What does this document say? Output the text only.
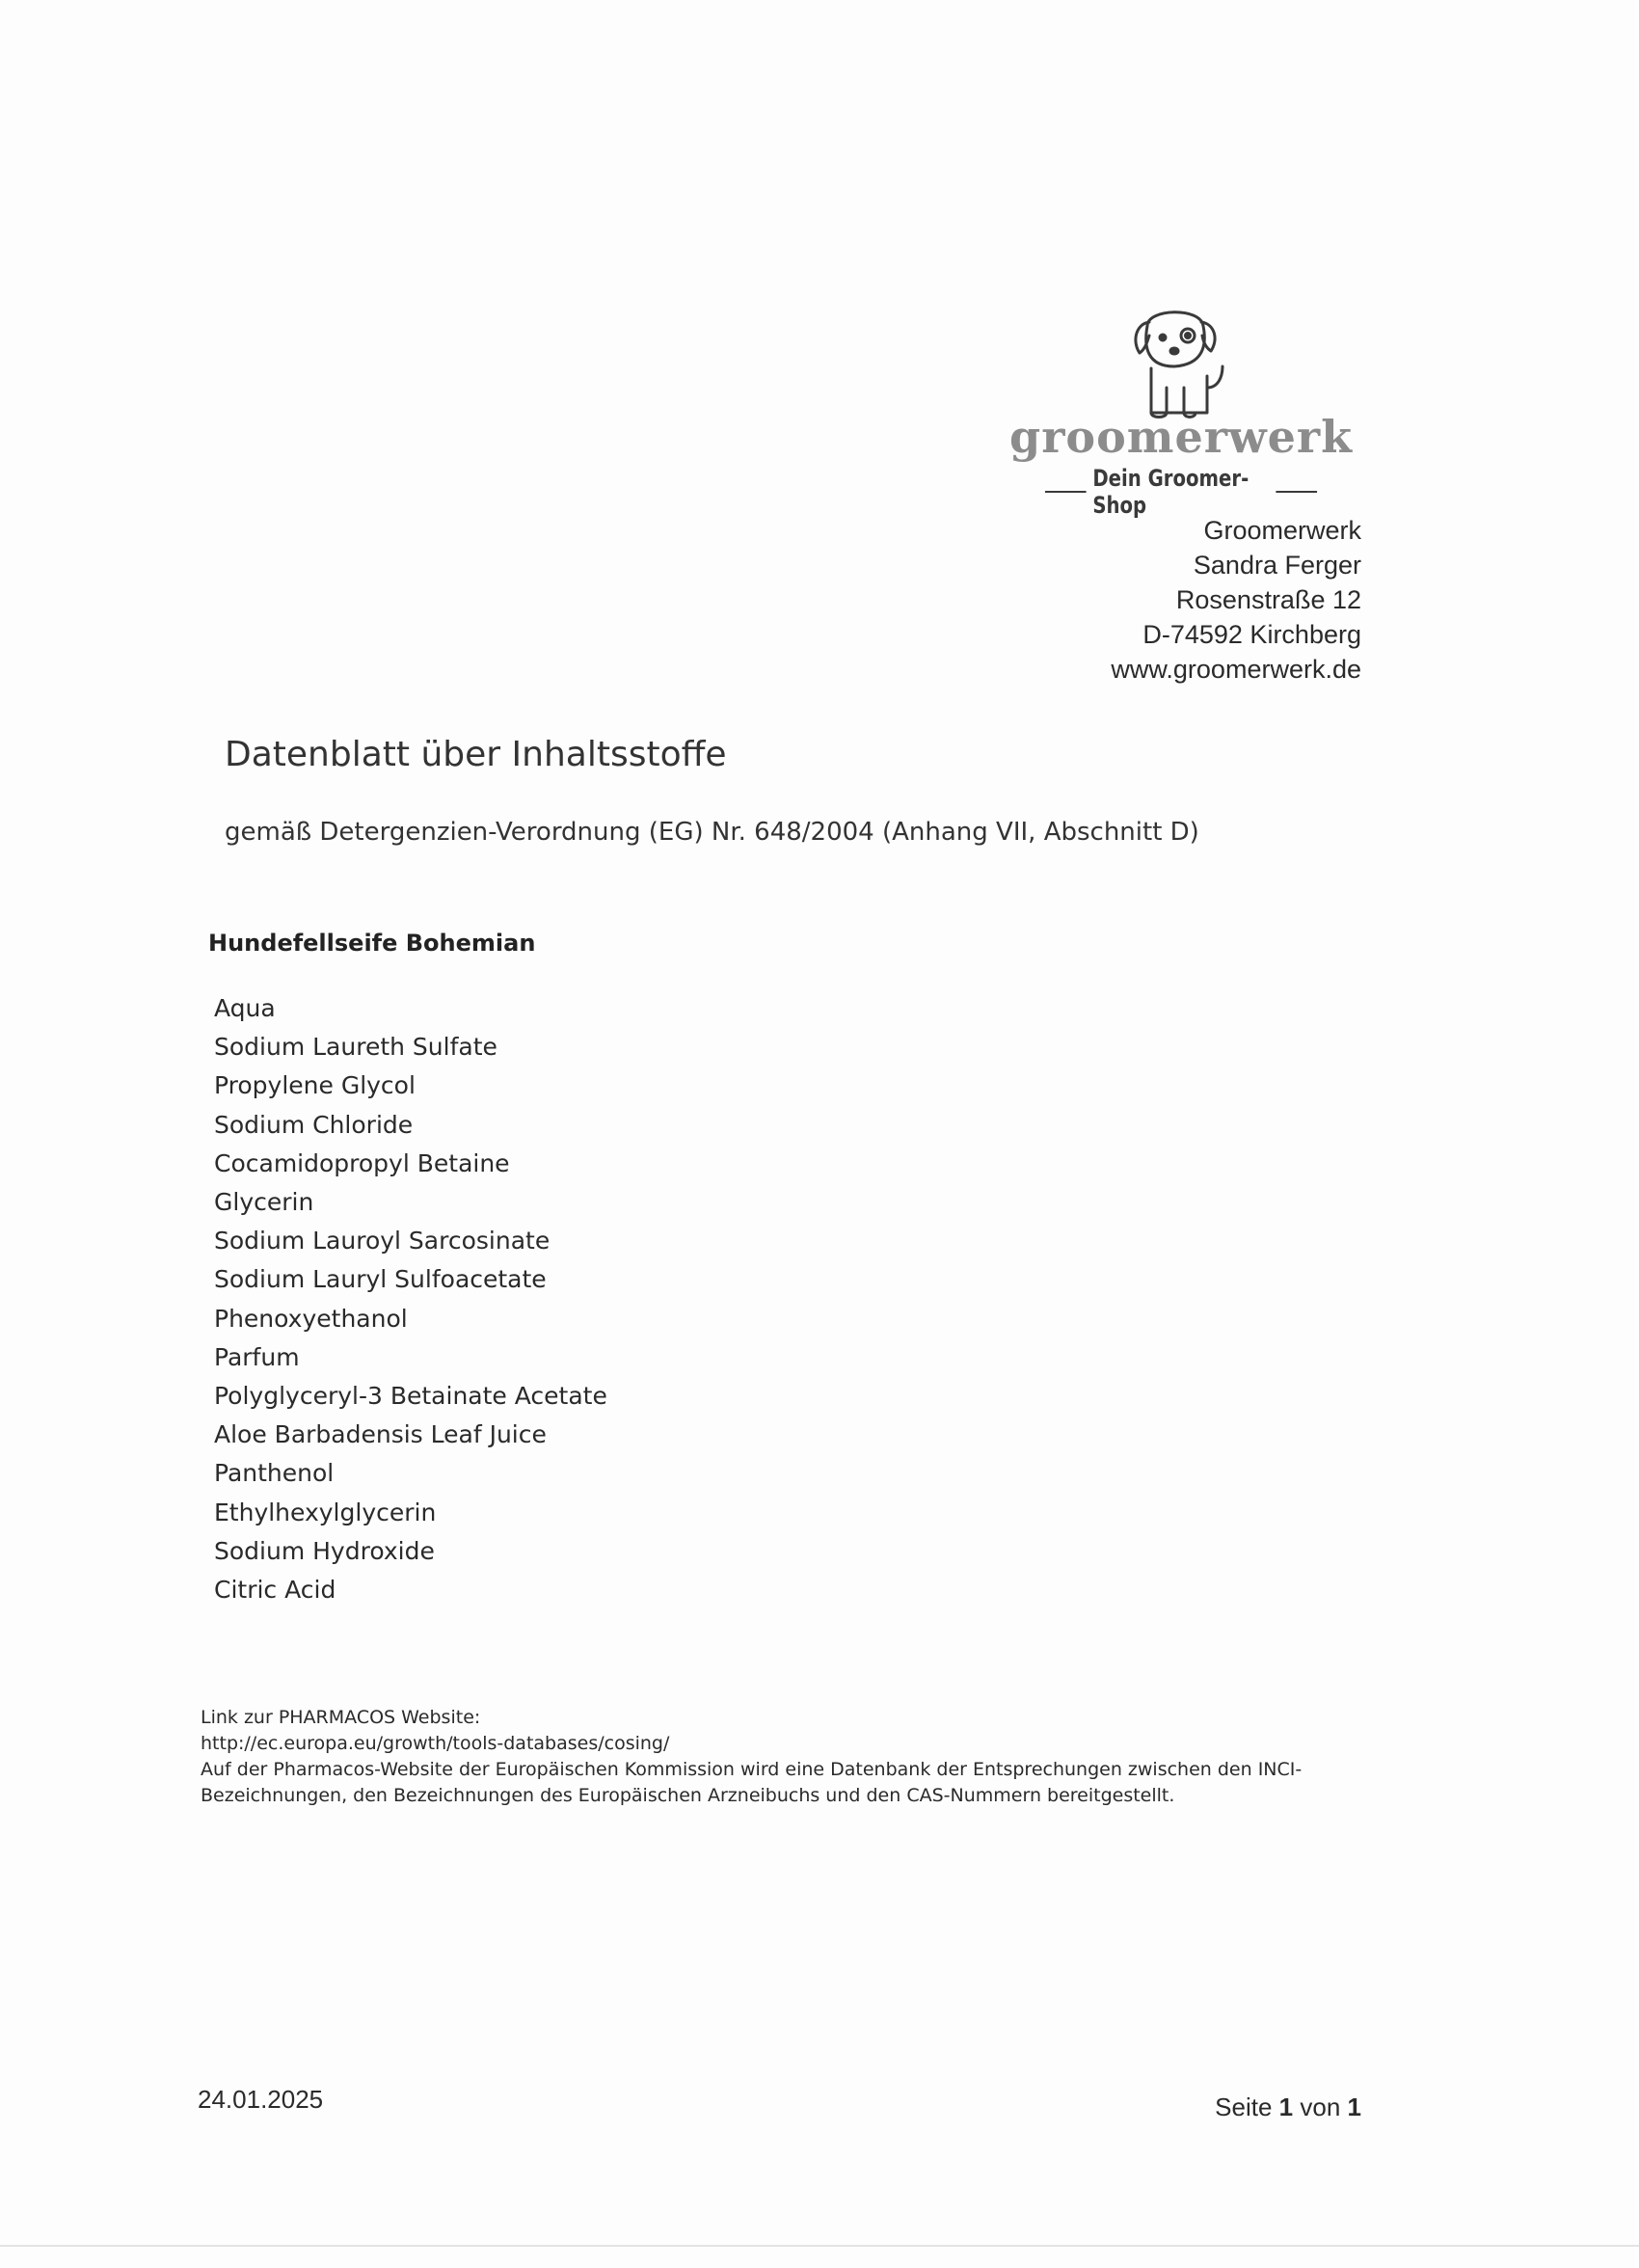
groomerwerk
Dein Groomer-Shop
Groomerwerk
Sandra Ferger
Rosenstraße 12
D-74592 Kirchberg
www.groomerwerk.de
Datenblatt über Inhaltsstoffe
gemäß Detergenzien-Verordnung (EG) Nr. 648/2004 (Anhang VII, Abschnitt D)
Hundefellseife Bohemian
Aqua
Sodium Laureth Sulfate
Propylene Glycol
Sodium Chloride
Cocamidopropyl Betaine
Glycerin
Sodium Lauroyl Sarcosinate
Sodium Lauryl Sulfoacetate
Phenoxyethanol
Parfum
Polyglyceryl-3 Betainate Acetate
Aloe Barbadensis Leaf Juice
Panthenol
Ethylhexylglycerin
Sodium Hydroxide
Citric Acid
Link zur PHARMACOS Website:
http://ec.europa.eu/growth/tools-databases/cosing/
Auf der Pharmacos-Website der Europäischen Kommission wird eine Datenbank der Entsprechungen zwischen den INCI-
Bezeichnungen, den Bezeichnungen des Europäischen Arzneibuchs und den CAS-Nummern bereitgestellt.
24.01.2025	Seite 1 von 1
